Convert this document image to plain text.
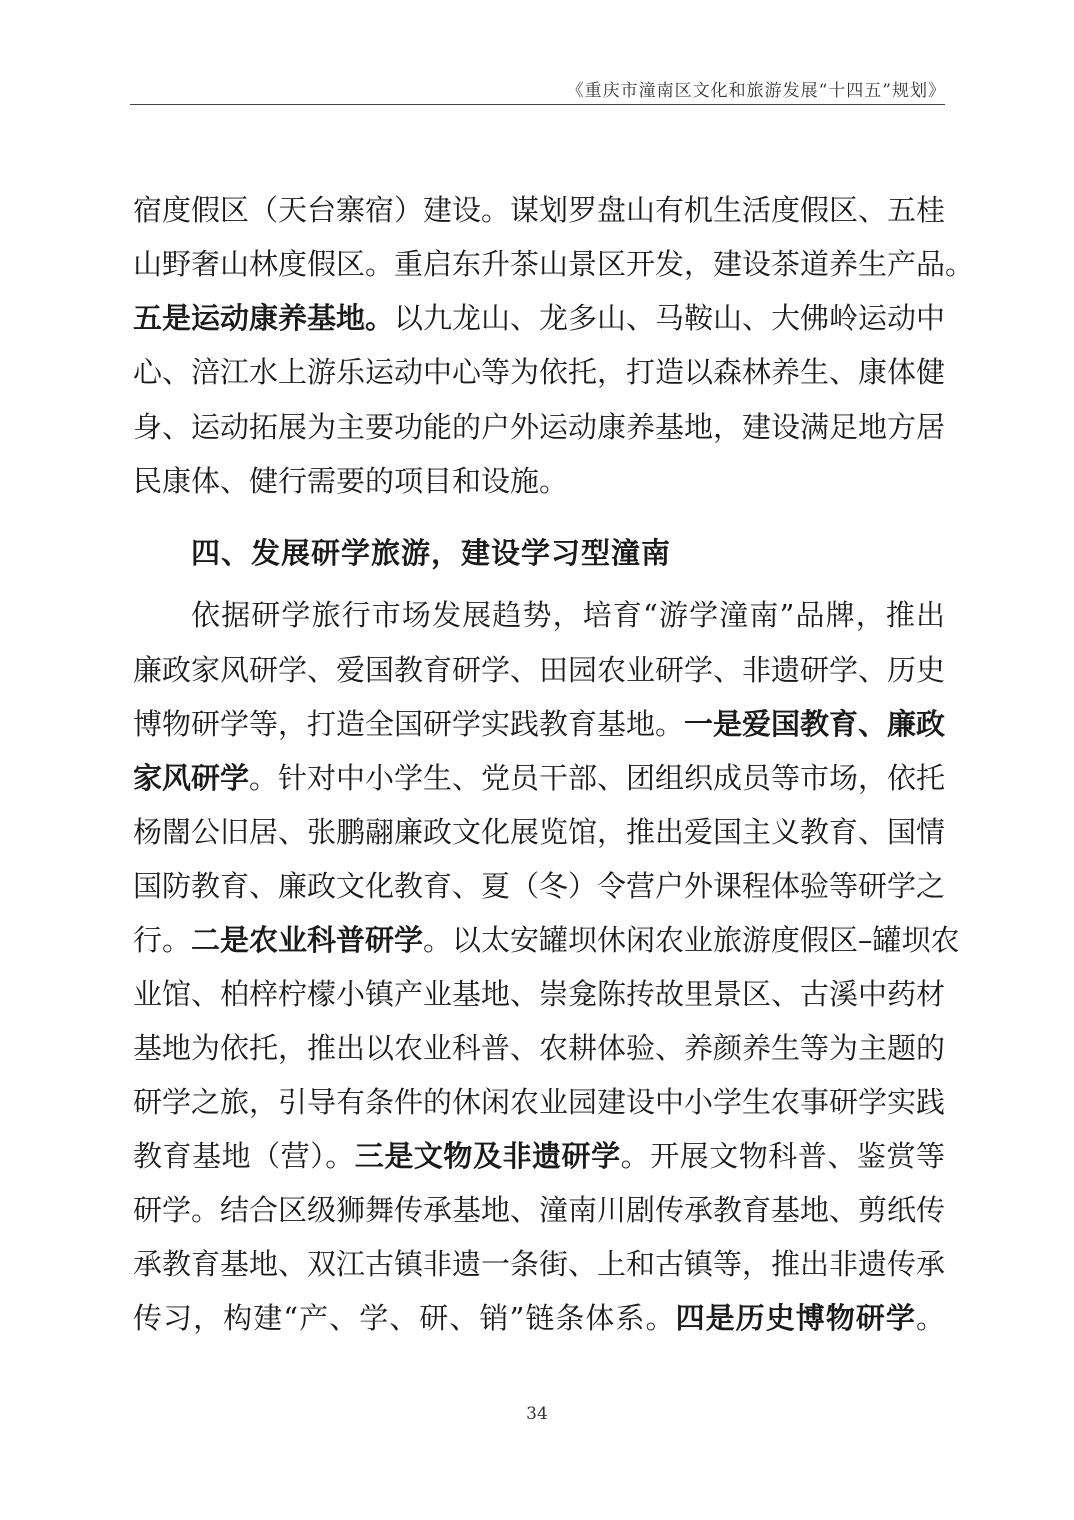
《重庆市潼南区文化和旅游发展“十四五”规划》
宿度假区（天台寨宿）建设。谋划罗盘山有机生活度假区、五桂
山野奢山林度假区。重启东升茶山景区开发，建设茶道养生产品。
五是运动康养基地。以九龙山、龙多山、马鞍山、大佛岭运动中
心、涪江水上游乐运动中心等为依托，打造以森林养生、康体健
身、运动拓展为主要功能的户外运动康养基地，建设满足地方居
民康体、健行需要的项目和设施。
四、发展研学旅游，建设学习型潼南
依据研学旅行市场发展趋势，培育“游学潼南”品牌，推出
廉政家风研学、爱国教育研学、田园农业研学、非遗研学、历史
博物研学等，打造全国研学实践教育基地。一是爱国教育、廉政
家风研学。针对中小学生、党员干部、团组织成员等市场，依托
杨闇公旧居、张鹏翮廉政文化展览馆，推出爱国主义教育、国情
国防教育、廉政文化教育、夏（冬）令营户外课程体验等研学之
行。二是农业科普研学。以太安罐坝休闲农业旅游度假区–罐坝农
业馆、柏梓柠檬小镇产业基地、崇龛陈抟故里景区、古溪中药材
基地为依托，推出以农业科普、农耕体验、养颜养生等为主题的
研学之旅，引导有条件的休闲农业园建设中小学生农事研学实践
教育基地（营）。三是文物及非遗研学。开展文物科普、鉴赏等
研学。结合区级狮舞传承基地、潼南川剧传承教育基地、剪纸传
承教育基地、双江古镇非遗一条街、上和古镇等，推出非遗传承
传习，构建“产、学、研、销”链条体系。四是历史博物研学。
34
